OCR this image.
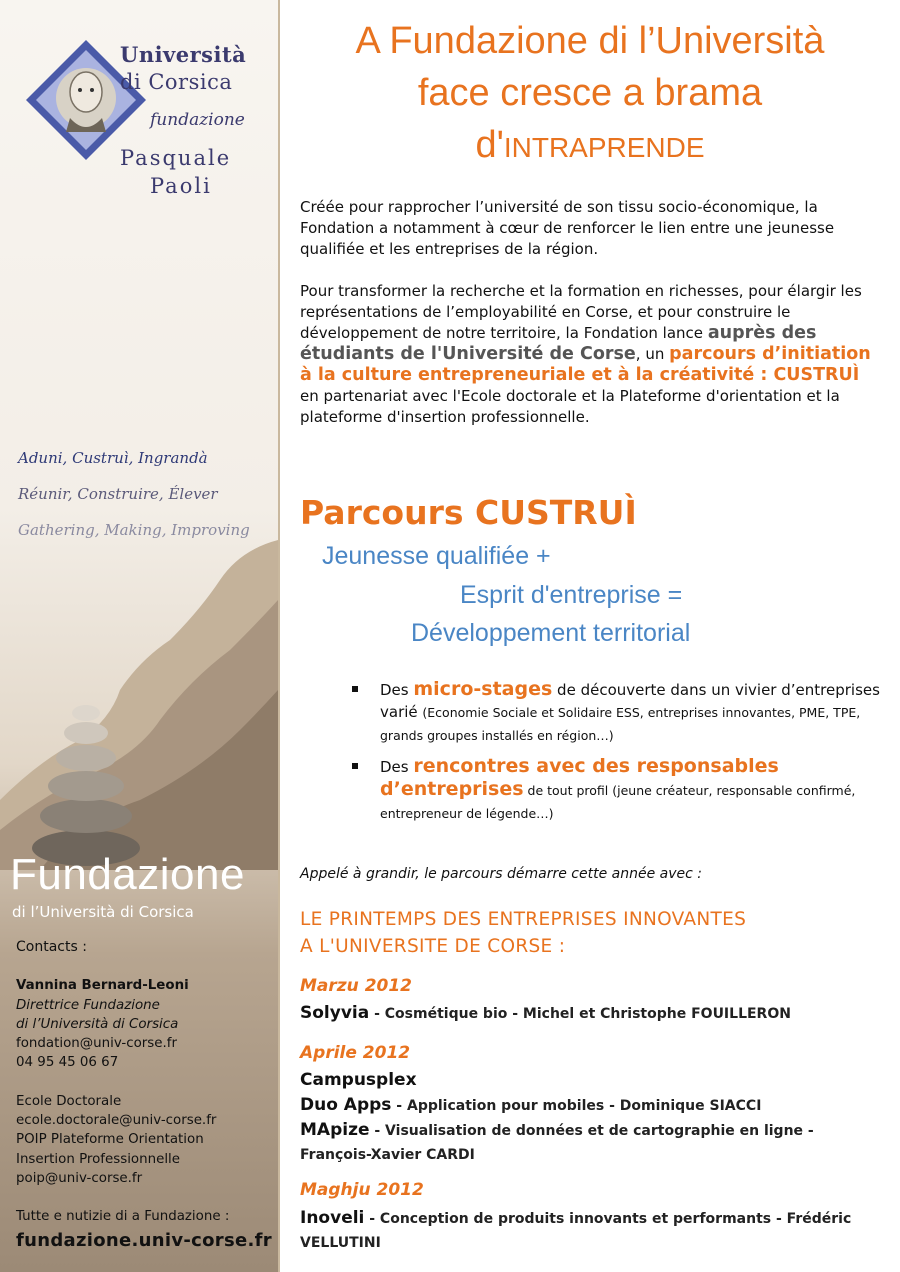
Università
di Corsica
fundazione
Pasquale
Paoli
Aduni, Custruì, Ingrandà
Réunir, Construire, Élever
Gathering, Making, Improving
Fundazione
di l’Università di Corsica
Contacts :
Vannina Bernard-Leoni
Direttrice Fundazione
di l’Università di Corsica
fondation@univ-corse.fr
04 95 45 06 67
Ecole Doctorale
ecole.doctorale@univ-corse.fr
POIP Plateforme Orientation
Insertion Professionnelle
poip@univ-corse.fr
Tutte e nutizie di a Fundazione :
fundazione.univ-corse.fr
A Fundazione di l’Università
face cresce a brama
d'INTRAPRENDE
Créée pour rapprocher l’université de son tissu socio-économique, la Fondation a notamment à cœur de renforcer le lien entre une jeunesse qualifiée et les entreprises de la région.
Pour transformer la recherche et la formation en richesses, pour élargir les représentations de l’employabilité en Corse, et pour construire le développement de notre territoire, la Fondation lance auprès des étudiants de l'Université de Corse, un parcours d’initiation à la culture entrepreneuriale et à la créativité : CUSTRUÌ en partenariat avec l'Ecole doctorale et la Plateforme d'orientation et la plateforme d'insertion professionnelle.
Parcours CUSTRUÌ
Jeunesse qualifiée +
Esprit d'entreprise =
Développement territorial
Des micro-stages de découverte dans un vivier d’entreprises varié (Economie Sociale et Solidaire ESS, entreprises innovantes, PME, TPE, grands groupes installés en région…)
Des rencontres avec des responsables d’entreprises de tout profil (jeune créateur, responsable confirmé, entrepreneur de légende…)
Appelé à grandir, le parcours démarre cette année avec :
LE PRINTEMPS DES ENTREPRISES INNOVANTES
A L'UNIVERSITE DE CORSE :
Marzu 2012
Solyvia - Cosmétique bio - Michel et Christophe FOUILLERON
Aprile 2012
Campusplex
Duo Apps - Application pour mobiles - Dominique SIACCI
MApize - Visualisation de données et de cartographie en ligne - François-Xavier CARDI
Maghju 2012
Inoveli - Conception de produits innovants et performants - Frédéric VELLUTINI
